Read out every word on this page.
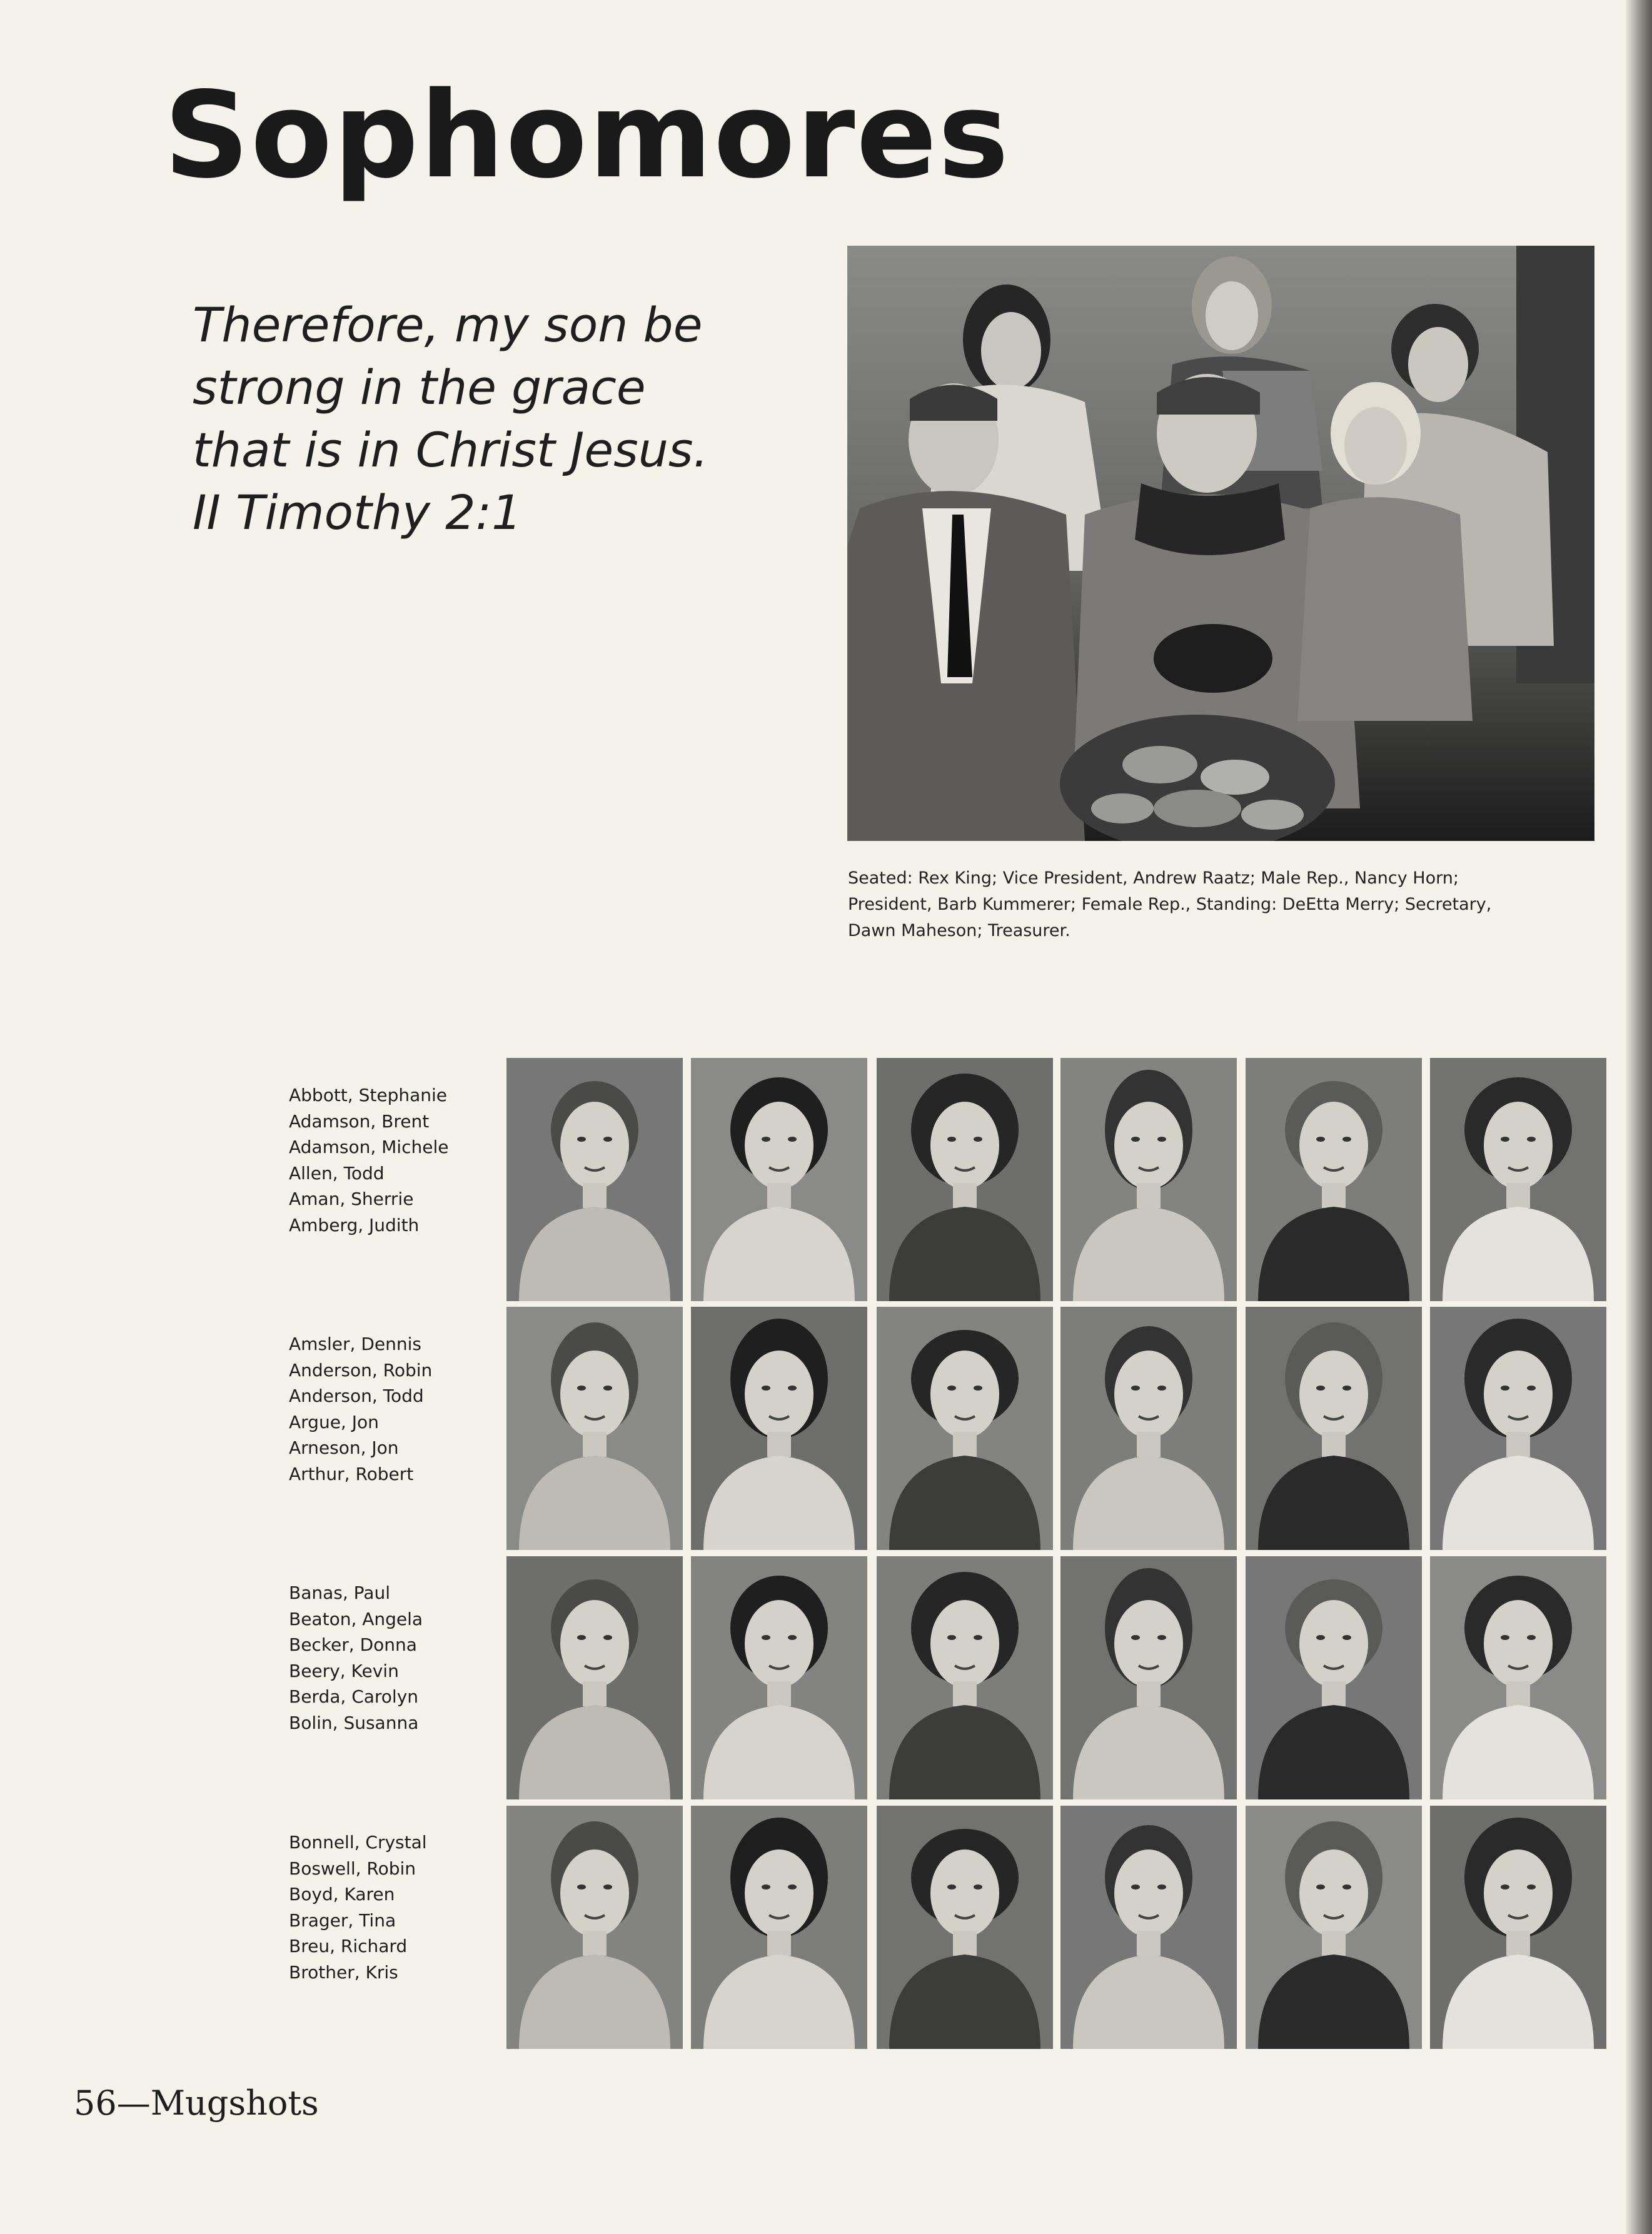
Sophomores
Therefore, my son be
strong in the grace
that is in Christ Jesus.
II Timothy 2:1
Seated: Rex King; Vice President, Andrew Raatz; Male Rep., Nancy Horn;
President, Barb Kummerer; Female Rep., Standing: DeEtta Merry; Secretary,
Dawn Maheson; Treasurer.
Abbott, Stephanie
Adamson, Brent
Adamson, Michele
Allen, Todd
Aman, Sherrie
Amberg, Judith
Amsler, Dennis
Anderson, Robin
Anderson, Todd
Argue, Jon
Arneson, Jon
Arthur, Robert
Banas, Paul
Beaton, Angela
Becker, Donna
Beery, Kevin
Berda, Carolyn
Bolin, Susanna
Bonnell, Crystal
Boswell, Robin
Boyd, Karen
Brager, Tina
Breu, Richard
Brother, Kris
56—Mugshots
